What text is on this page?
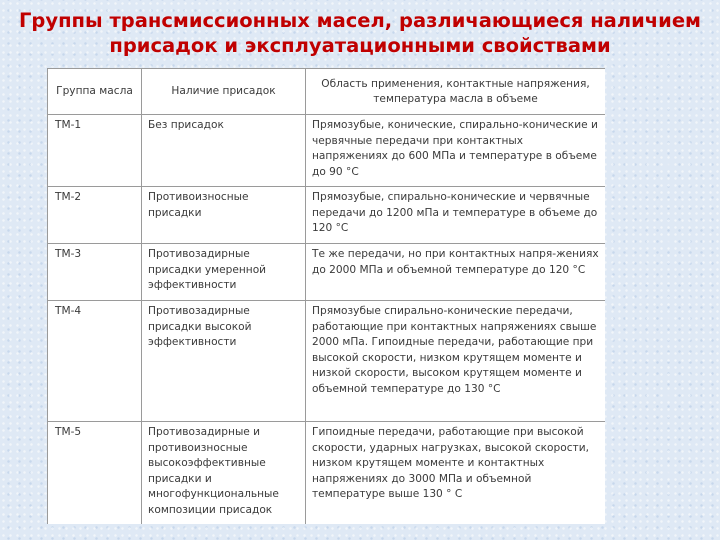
Группы трансмиссионных масел, различающиеся наличием
присадок и эксплуатационными свойствами
Группа масла	Наличие присадок	Область применения, контактные напряжения, температура масла в объеме
ТМ-1	Без присадок	Прямозубые, конические, спирально-конические и червячные передачи при контактных напряжениях до 600 МПа и температуре в объеме до 90 °С
ТМ-2	Противоизносные присадки	Прямозубые, спирально-конические и червячные передачи до 1200 мПа и температуре в объеме до 120 °С
ТМ-3	Противозадирные присадки умеренной эффективности	Те же передачи, но при контактных напря-жениях до 2000 МПа и объемной температуре до 120 °С
ТМ-4	Противозадирные присадки высокой эффективности	Прямозубые спирально-конические передачи, работающие при контактных напряжениях свыше 2000 мПа. Гипоидные передачи, работающие при высокой скорости, низком крутящем моменте и низкой скорости, высоком крутящем моменте и объемной температуре до 130 °С
ТМ-5	Противозадирные и противоизносные высокоэффективные присадки и многофункциональные композиции присадок	Гипоидные передачи, работающие при высокой скорости, ударных нагрузках, высокой скорости, низком крутящем моменте и контактных напряжениях до 3000 МПа и объемной температуре выше 130 ° С
